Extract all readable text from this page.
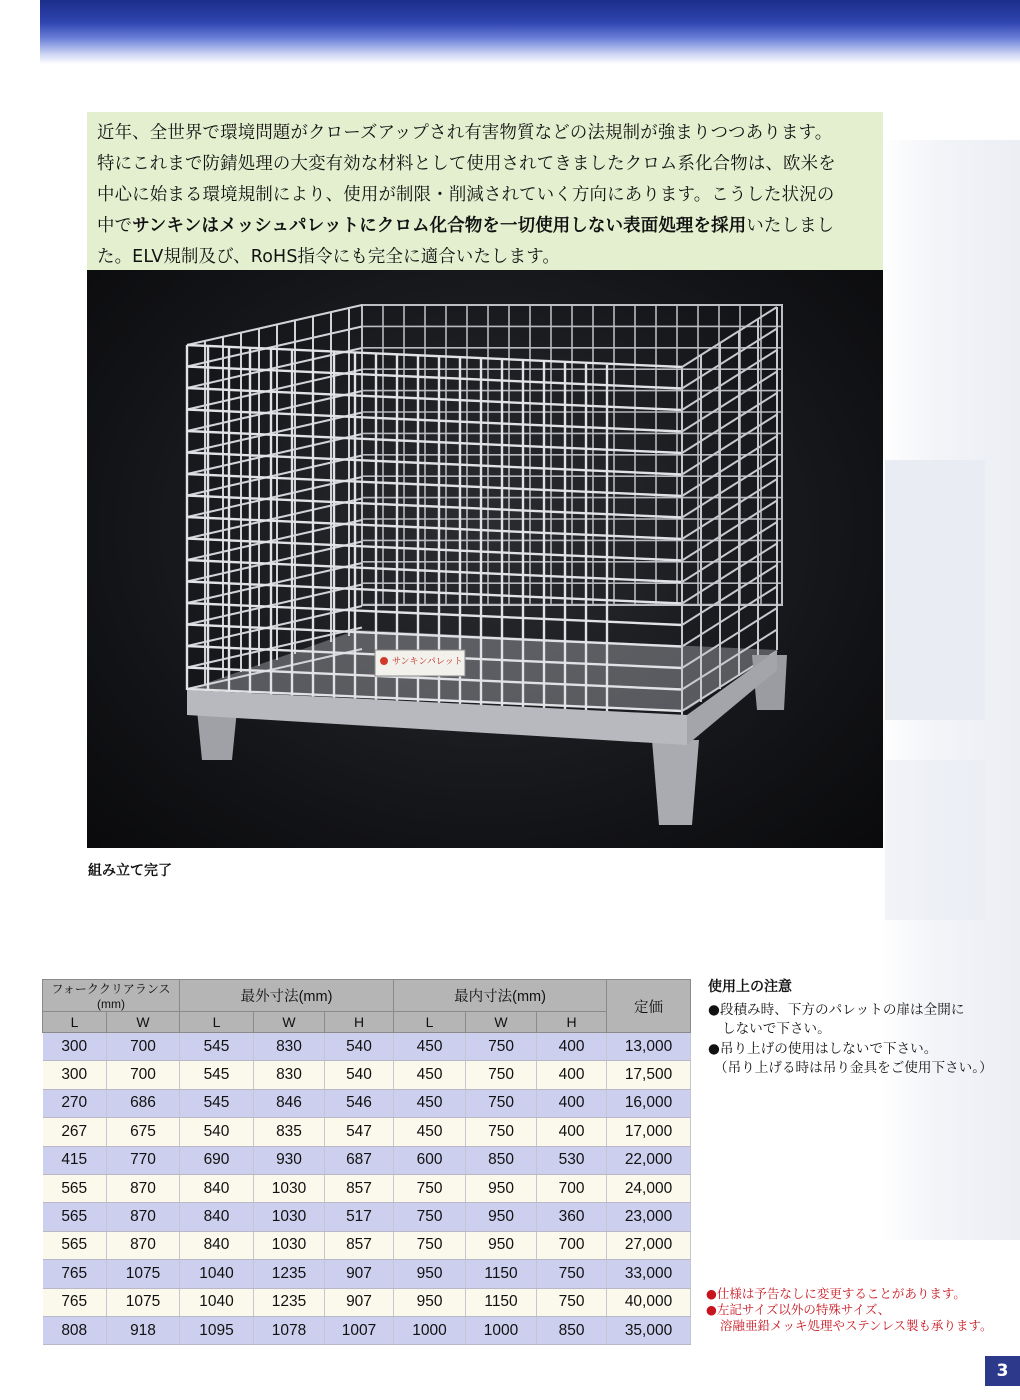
近年、全世界で環境問題がクローズアップされ有害物質などの法規制が強まりつつあります。
特にこれまで防錆処理の大変有効な材料として使用されてきましたクロム系化合物は、欧米を
中心に始まる環境規制により、使用が制限・削減されていく方向にあります。こうした状況の
中でサンキンはメッシュパレットにクロム化合物を一切使用しない表面処理を採用いたしまし
た。ELV規制及び、RoHS指令にも完全に適合いたします。
サンキンパレット
組み立て完了
フォーククリアランス(mm)		最外寸法(mm)			最内寸法(mm)			定価
L	W	L	W	H	L	W	H	
300	700	545	830	540	450	750	400	13,000
300	700	545	830	540	450	750	400	17,500
270	686	545	846	546	450	750	400	16,000
267	675	540	835	547	450	750	400	17,000
415	770	690	930	687	600	850	530	22,000
565	870	840	1030	857	750	950	700	24,000
565	870	840	1030	517	750	950	360	23,000
565	870	840	1030	857	750	950	700	27,000
765	1075	1040	1235	907	950	1150	750	33,000
765	1075	1040	1235	907	950	1150	750	40,000
808	918	1095	1078	1007	1000	1000	850	35,000
使用上の注意
●段積み時、下方のパレットの扉は全開に
しないで下さい。
●吊り上げの使用はしないで下さい。
（吊り上げる時は吊り金具をご使用下さい。）
●仕様は予告なしに変更することがあります。
●左記サイズ以外の特殊サイズ、
溶融亜鉛メッキ処理やステンレス製も承ります。
3
